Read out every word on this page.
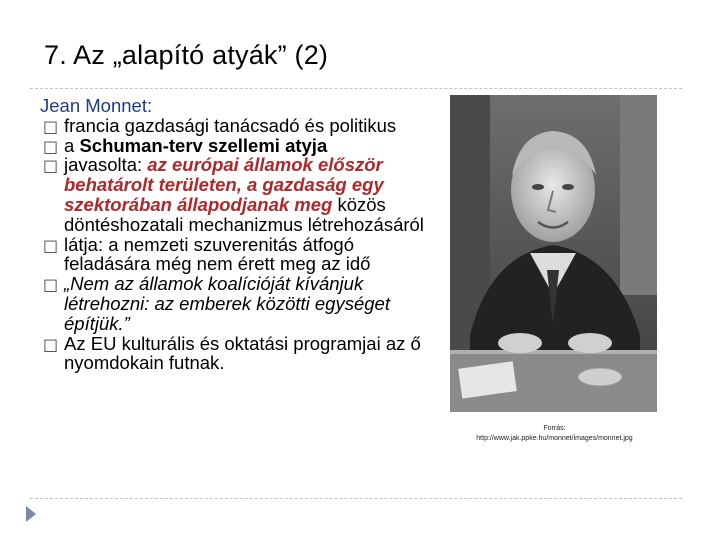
7. Az „alapító atyák” (2)
Jean Monnet:
□ francia gazdasági tanácsadó és politikus
□ a Schuman-terv szellemi atyja
□ javasolta: az európai államok először behatárolt területen, a gazdaság egy szektorában állapodjanak meg közös döntéshozatali mechanizmus létrehozásáról
□ látja: a nemzeti szuverenitás átfogó feladására még nem érett meg az idő
□ „Nem az államok koalícióját kívánjuk létrehozni: az emberek közötti egységet építjük.”
□ Az EU kulturális és oktatási programjai az ő nyomdokain futnak.
Forrás:
http://www.jak.ppke.hu/monnet/images/monnet.jpg
